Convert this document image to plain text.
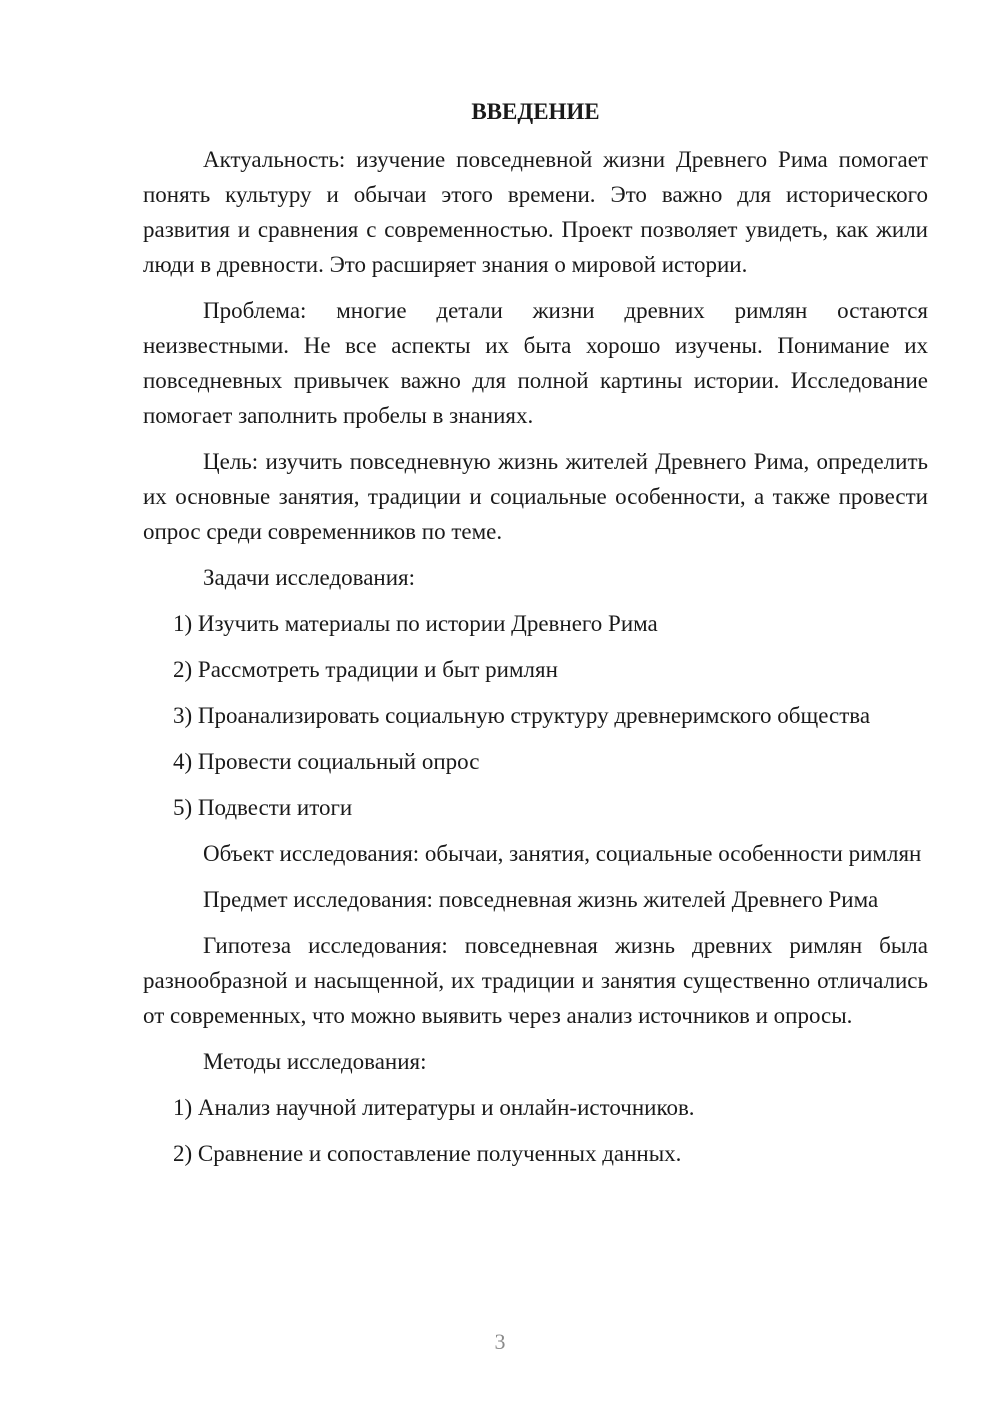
ВВЕДЕНИЕ

Актуальность: изучение повседневной жизни Древнего Рима помогает понять культуру и обычаи этого времени. Это важно для исторического развития и сравнения с современностью. Проект позволяет увидеть, как жили люди в древности. Это расширяет знания о мировой истории.

Проблема: многие детали жизни древних римлян остаются неизвестными. Не все аспекты их быта хорошо изучены. Понимание их повседневных привычек важно для полной картины истории. Исследование помогает заполнить пробелы в знаниях.

Цель: изучить повседневную жизнь жителей Древнего Рима, определить их основные занятия, традиции и социальные особенности, а также провести опрос среди современников по теме.

Задачи исследования:

1) Изучить материалы по истории Древнего Рима

2) Рассмотреть традиции и быт римлян

3) Проанализировать социальную структуру древнеримского общества

4) Провести социальный опрос

5) Подвести итоги

Объект исследования: обычаи, занятия, социальные особенности римлян

Предмет исследования: повседневная жизнь жителей Древнего Рима

Гипотеза исследования: повседневная жизнь древних римлян была разнообразной и насыщенной, их традиции и занятия существенно отличались от современных, что можно выявить через анализ источников и опросы.

Методы исследования:

1) Анализ научной литературы и онлайн-источников.

2) Сравнение и сопоставление полученных данных.

3
